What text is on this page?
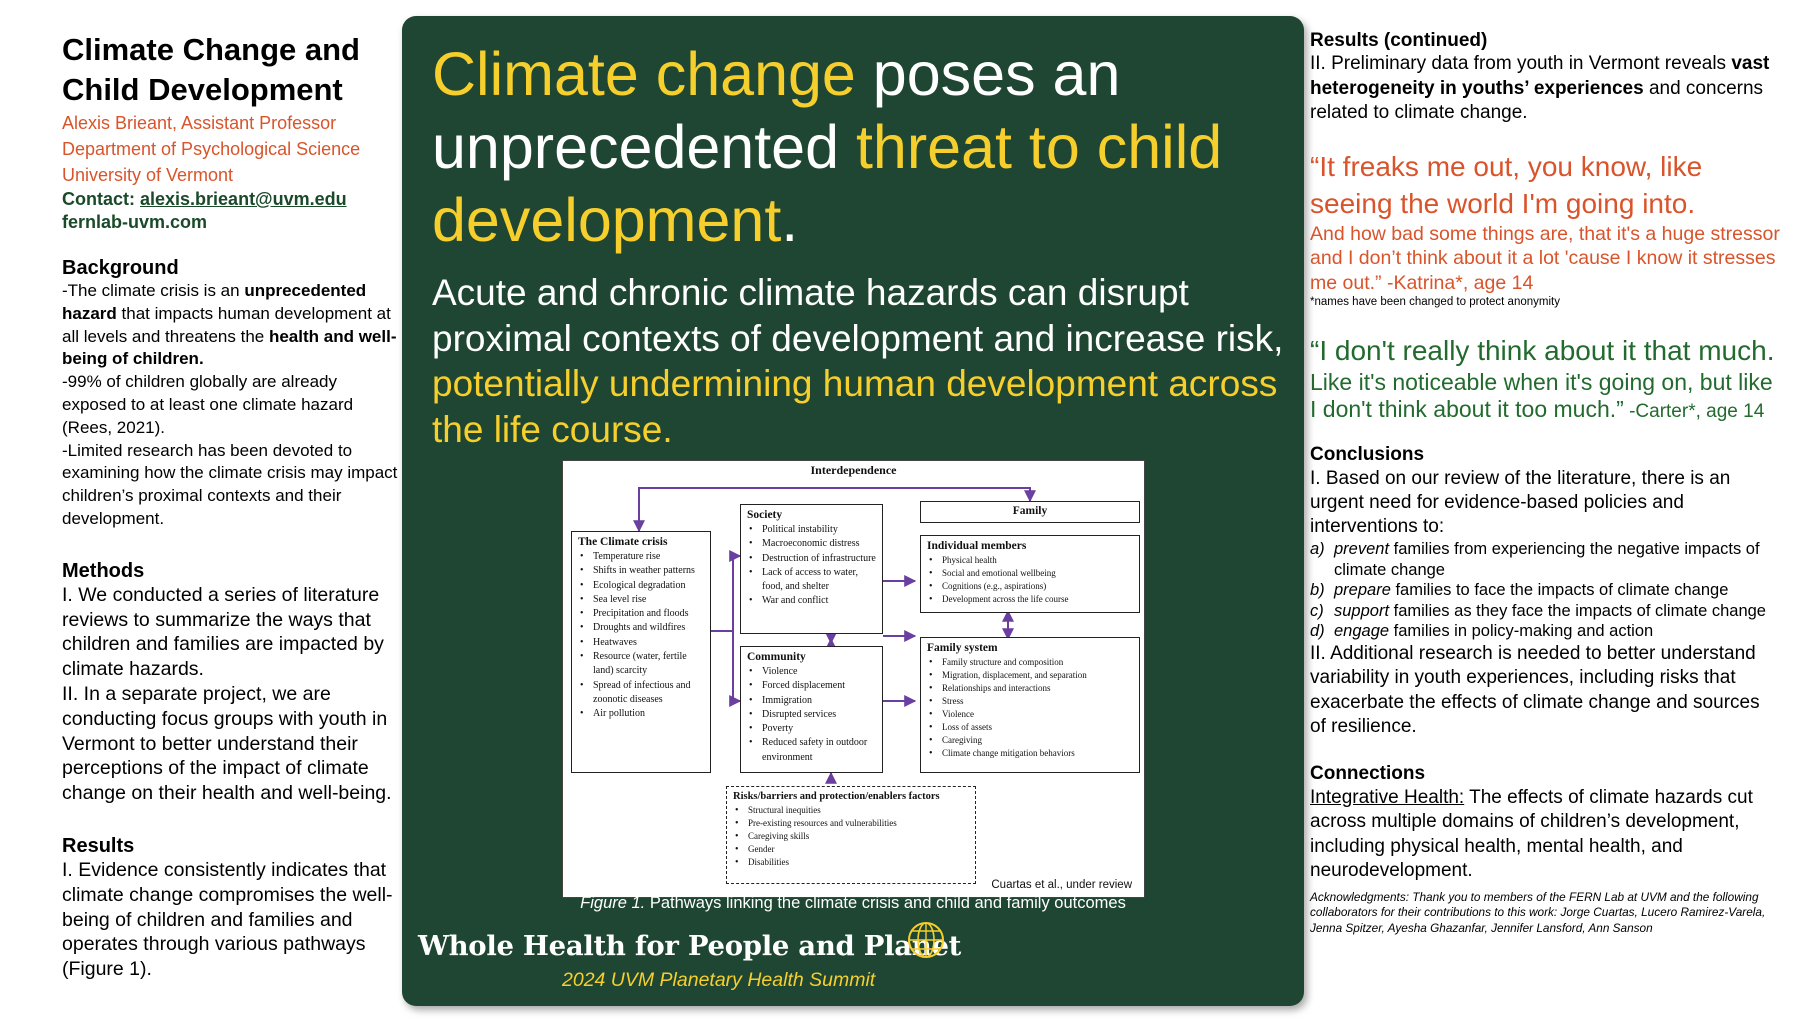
Climate Change and Child Development
Alexis Brieant, Assistant Professor
Department of Psychological Science
University of Vermont
Contact: alexis.brieant@uvm.edu
fernlab-uvm.com
Background
-The climate crisis is an unprecedented hazard that impacts human development at all levels and threatens the health and well-being of children.
-99% of children globally are already exposed to at least one climate hazard (Rees, 2021).
-Limited research has been devoted to examining how the climate crisis may impact children’s proximal contexts and their development.
Methods
I. We conducted a series of literature reviews to summarize the ways that children and families are impacted by climate hazards.
II. In a separate project, we are conducting focus groups with youth in Vermont to better understand their perceptions of the impact of climate change on their health and well-being.
Results
I. Evidence consistently indicates that climate change compromises the well-being of children and families and operates through various pathways (Figure 1).
Climate change poses an unprecedented threat to child development.
Acute and chronic climate hazards can disrupt proximal contexts of development and increase risk, potentially undermining human development across the life course.
Interdependence
The Climate crisis
• Temperature rise
• Shifts in weather patterns
• Ecological degradation
• Sea level rise
• Precipitation and floods
• Droughts and wildfires
• Heatwaves
• Resource (water, fertile land) scarcity
• Spread of infectious and zoonotic diseases
• Air pollution
Society
• Political instability
• Macroeconomic distress
• Destruction of infrastructure
• Lack of access to water, food, and shelter
• War and conflict
Community
• Violence
• Forced displacement
• Immigration
• Disrupted services
• Poverty
• Reduced safety in outdoor environment
Family
Individual members
• Physical health
• Social and emotional wellbeing
• Cognitions (e.g., aspirations)
• Development across the life course
Family system
• Family structure and composition
• Migration, displacement, and separation
• Relationships and interactions
• Stress
• Violence
• Loss of assets
• Caregiving
• Climate change mitigation behaviors
Risks/barriers and protection/enablers factors
• Structural inequities
• Pre-existing resources and vulnerabilities
• Caregiving skills
• Gender
• Disabilities
Cuartas et al., under review
Figure 1. Pathways linking the climate crisis and child and family outcomes
Whole Health for People and Planet
2024 UVM Planetary Health Summit
Results (continued)
II. Preliminary data from youth in Vermont reveals vast heterogeneity in youths’ experiences and concerns related to climate change.
“It freaks me out, you know, like seeing the world I'm going into.
And how bad some things are, that it's a huge stressor and I don’t think about it a lot 'cause I know it stresses me out.” -Katrina*, age 14
*names have been changed to protect anonymity
“I don't really think about it that much. Like it's noticeable when it's going on, but like I don't think about it too much.” -Carter*, age 14
Conclusions
I. Based on our review of the literature, there is an urgent need for evidence-based policies and interventions to:
a) prevent families from experiencing the negative impacts of climate change
b) prepare families to face the impacts of climate change
c) support families as they face the impacts of climate change
d) engage families in policy-making and action
II. Additional research is needed to better understand variability in youth experiences, including risks that exacerbate the effects of climate change and sources of resilience.
Connections
Integrative Health: The effects of climate hazards cut across multiple domains of children’s development, including physical health, mental health, and neurodevelopment.
Acknowledgments: Thank you to members of the FERN Lab at UVM and the following collaborators for their contributions to this work: Jorge Cuartas, Lucero Ramirez-Varela, Jenna Spitzer, Ayesha Ghazanfar, Jennifer Lansford, Ann Sanson
